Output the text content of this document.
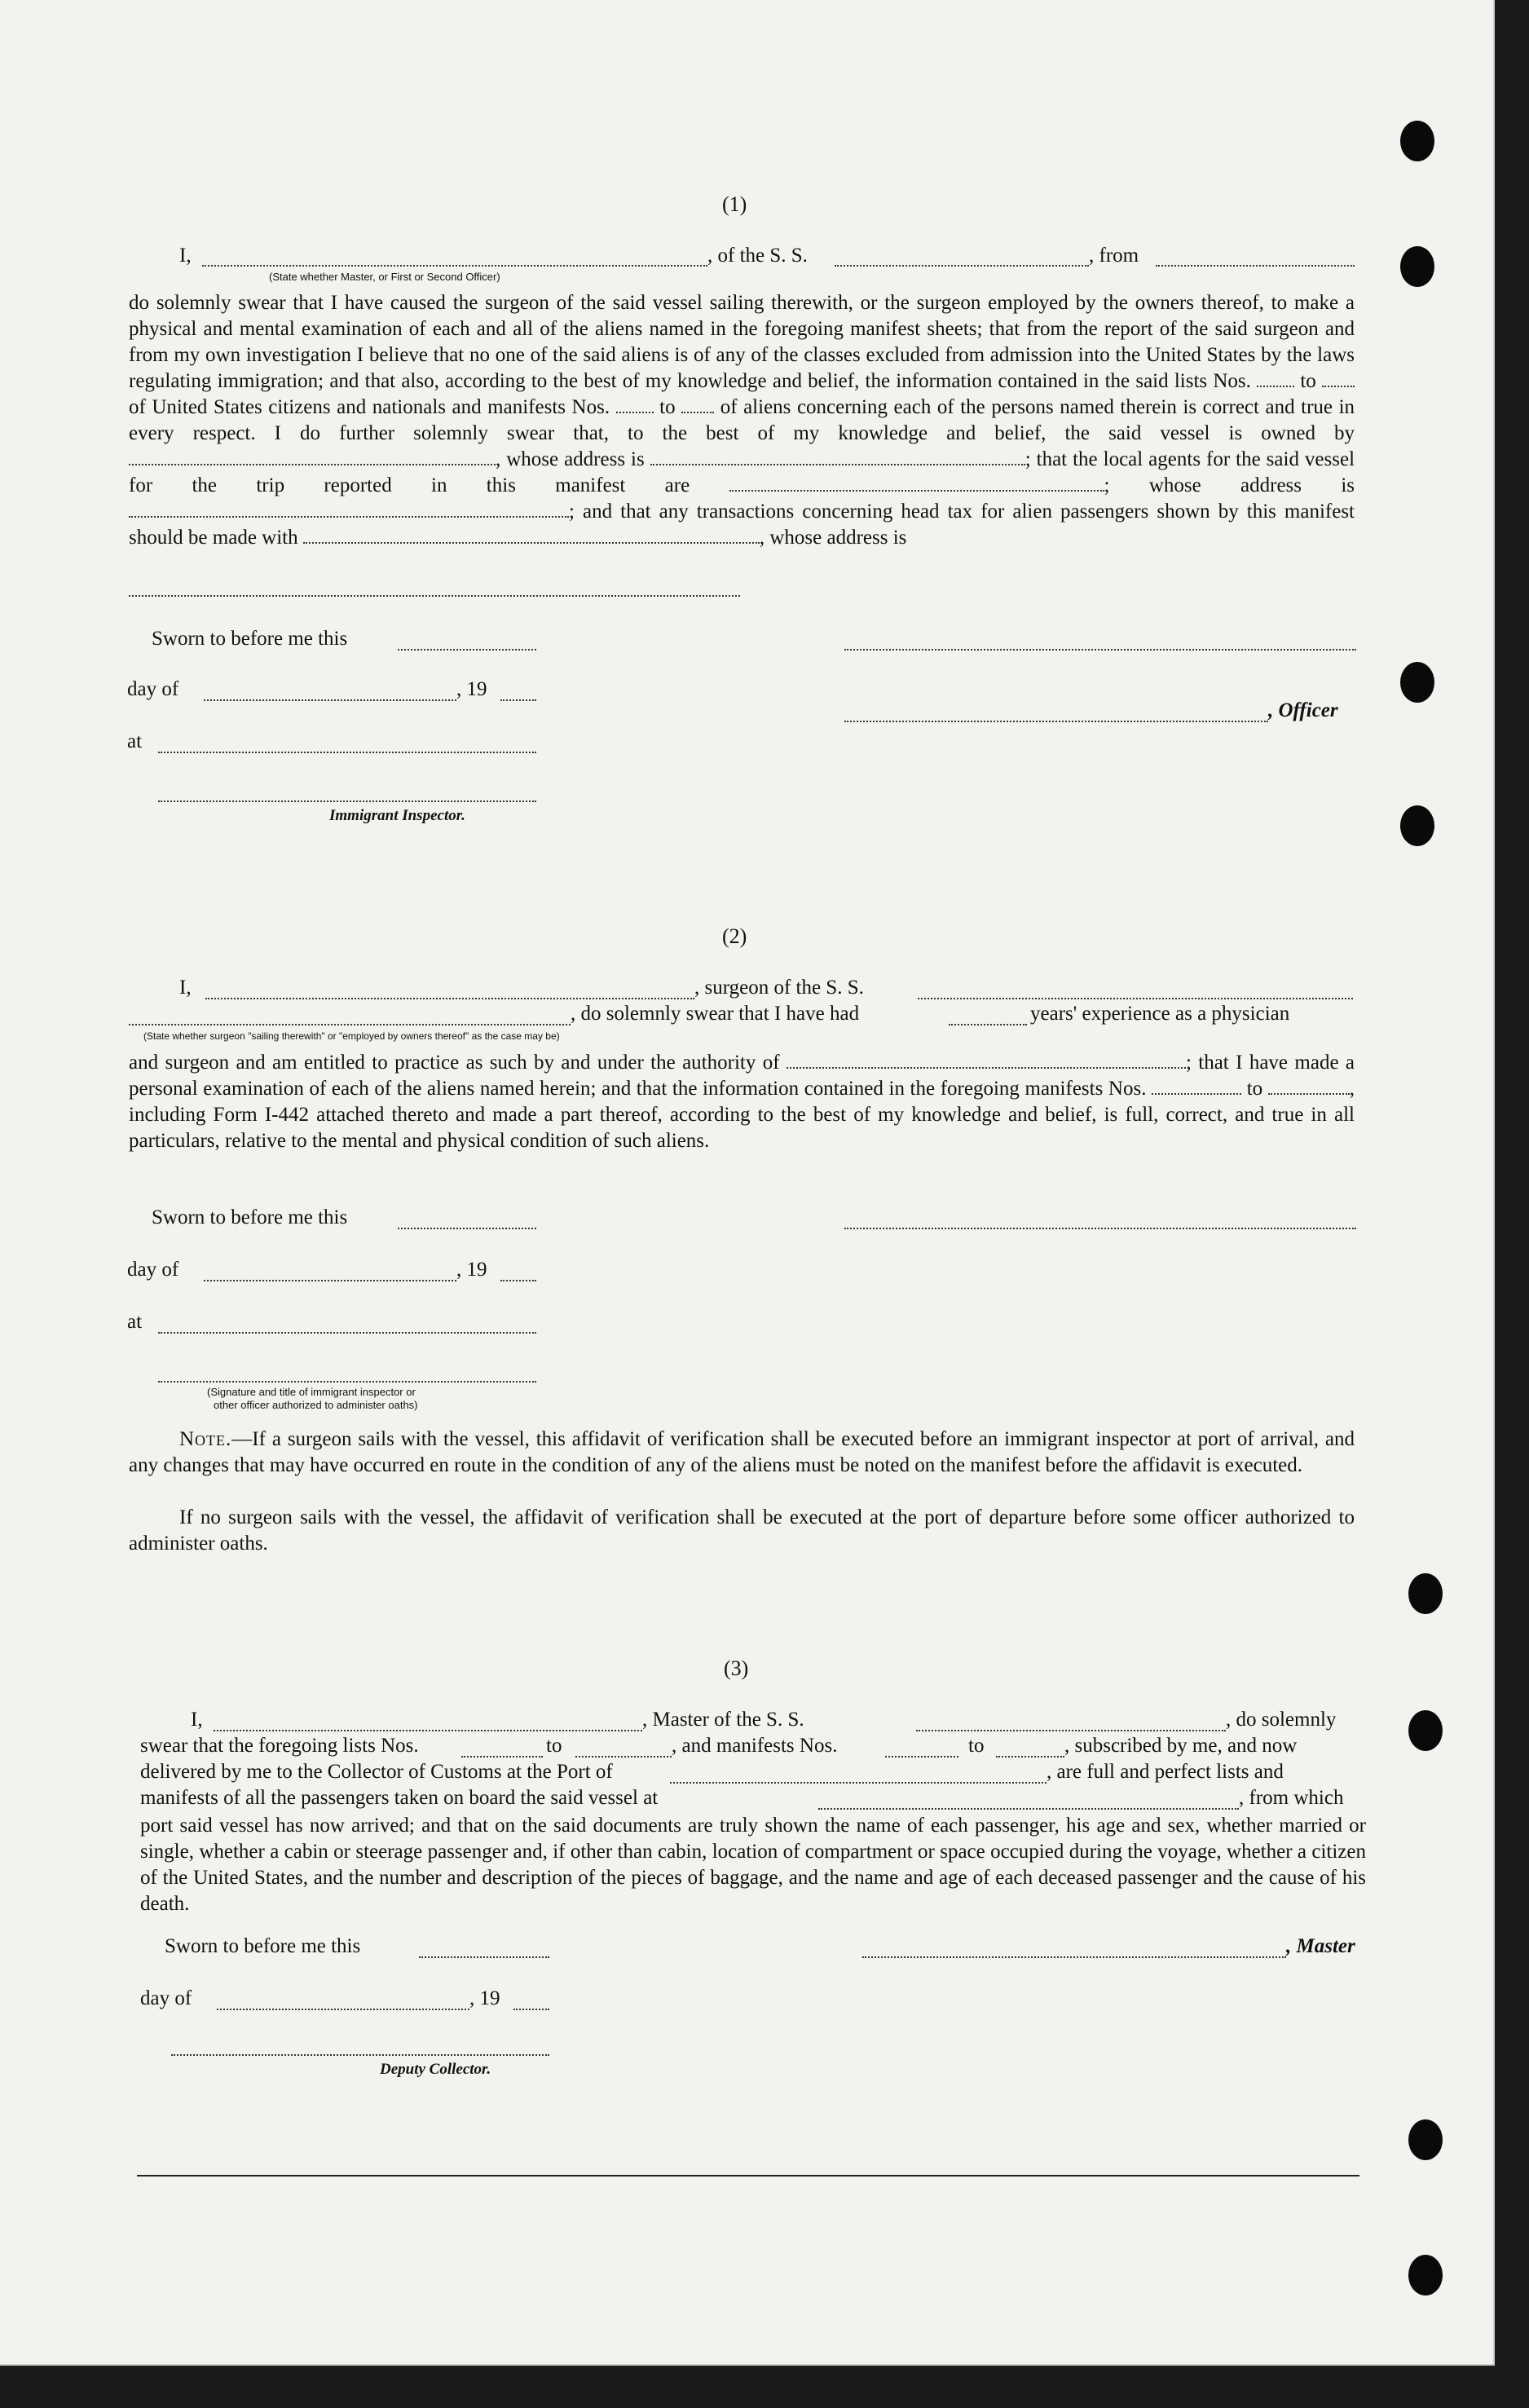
(1)
I,	, of the S. S.	, from
(State whether Master, or First or Second Officer)

do solemnly swear that I have caused the surgeon of the said vessel sailing therewith, or the surgeon employed by the owners thereof, to make a physical and mental examination of each and all of the aliens named in the foregoing manifest sheets; that from the report of the said surgeon and from my own investigation I believe that no one of the said aliens is of any of the classes excluded from admission into the United States by the laws regulating immigration; and that also, according to the best of my knowledge and belief, the information contained in the said lists Nos. to  of United States citizens and nationals and manifests Nos. to of aliens concerning each of the persons named therein is correct and true in every respect. I do further solemnly swear that, to the best of my knowledge and belief, the said vessel is owned by , whose address is	; that the local agents for the said vessel for the trip reported in this manifest are	; whose address is ; and that any transactions concerning head tax for alien passengers shown by this manifest should be made with	, whose address is

Sworn to before me this
day of	, 19
, Officer
at
Immigrant Inspector.
(2)
I,	, surgeon of the S. S.
, do solemnly swear that I have had	years' experience as a physician
(State whether surgeon "sailing therewith" or "employed by owners thereof" as the case may be)

and surgeon and am entitled to practice as such by and under the authority of	; that I have made a personal examination of each of the aliens named herein; and that the information contained in the foregoing manifests Nos.	to	, including Form I-442 attached thereto and made a part thereof, according to the best of my knowledge and belief, is full, correct, and true in all particulars, relative to the mental and physical condition of such aliens.

Sworn to before me this
day of	, 19
at
(Signature and title of immigrant inspector or
other officer authorized to administer oaths)

Note.—If a surgeon sails with the vessel, this affidavit of verification shall be executed before an immigrant inspector at port of arrival, and any changes that may have occurred en route in the condition of any of the aliens must be noted on the manifest before the affidavit is executed.

If no surgeon sails with the vessel, the affidavit of verification shall be executed at the port of departure before some officer authorized to administer oaths.

(3)
I,	, Master of the S. S.	, do solemnly
swear that the foregoing lists Nos.	to	, and manifests Nos.	to	, subscribed by me, and now
delivered by me to the Collector of Customs at the Port of	, are full and perfect lists and
manifests of all the passengers taken on board the said vessel at	, from which

port said vessel has now arrived; and that on the said documents are truly shown the name of each passenger, his age and sex, whether married or single, whether a cabin or steerage passenger and, if other than cabin, location of compartment or space occupied during the voyage, whether a citizen of the United States, and the number and description of the pieces of baggage, and the name and age of each deceased passenger and the cause of his death.

Sworn to before me this	, Master
day of	, 19
Deputy Collector.
